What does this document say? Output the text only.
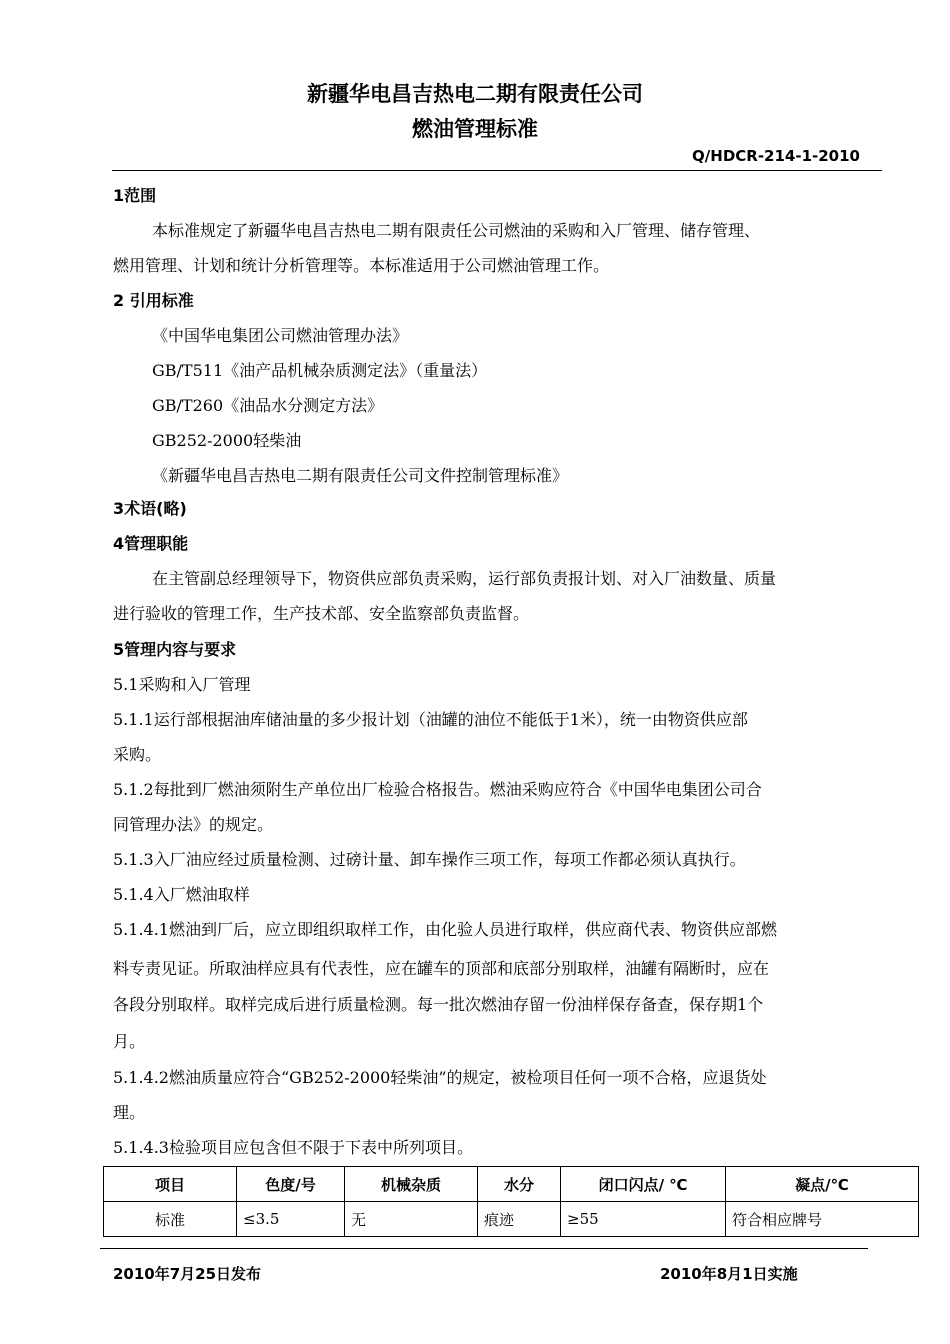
新疆华电昌吉热电二期有限责任公司
燃油管理标准
Q/HDCR-214-1-2010
1范围
本标准规定了新疆华电昌吉热电二期有限责任公司燃油的采购和入厂管理、储存管理、
燃用管理、计划和统计分析管理等。本标准适用于公司燃油管理工作。
2 引用标准
《中国华电集团公司燃油管理办法》
GB/T511《油产品机械杂质测定法》（重量法）
GB/T260《油品水分测定方法》
GB252-2000轻柴油
《新疆华电昌吉热电二期有限责任公司文件控制管理标准》
3术语(略)
4管理职能
在主管副总经理领导下，物资供应部负责采购，运行部负责报计划、对入厂油数量、质量
进行验收的管理工作，生产技术部、安全监察部负责监督。
5管理内容与要求
5.1采购和入厂管理
5.1.1运行部根据油库储油量的多少报计划（油罐的油位不能低于1米），统一由物资供应部
采购。
5.1.2每批到厂燃油须附生产单位出厂检验合格报告。燃油采购应符合《中国华电集团公司合
同管理办法》的规定。
5.1.3入厂油应经过质量检测、过磅计量、卸车操作三项工作，每项工作都必须认真执行。
5.1.4入厂燃油取样
5.1.4.1燃油到厂后，应立即组织取样工作，由化验人员进行取样，供应商代表、物资供应部燃
料专责见证。所取油样应具有代表性，应在罐车的顶部和底部分别取样，油罐有隔断时，应在
各段分别取样。取样完成后进行质量检测。每一批次燃油存留一份油样保存备查，保存期1个
月。
5.1.4.2燃油质量应符合“GB252-2000轻柴油”的规定，被检项目任何一项不合格，应退货处
理。
5.1.4.3检验项目应包含但不限于下表中所列项目。
项目	色度/号	机械杂质	水分	闭口闪点/ ℃	凝点/℃
标准	≤3.5	无	痕迹	≥55	符合相应牌号
2010年7月25日发布	2010年8月1日实施
